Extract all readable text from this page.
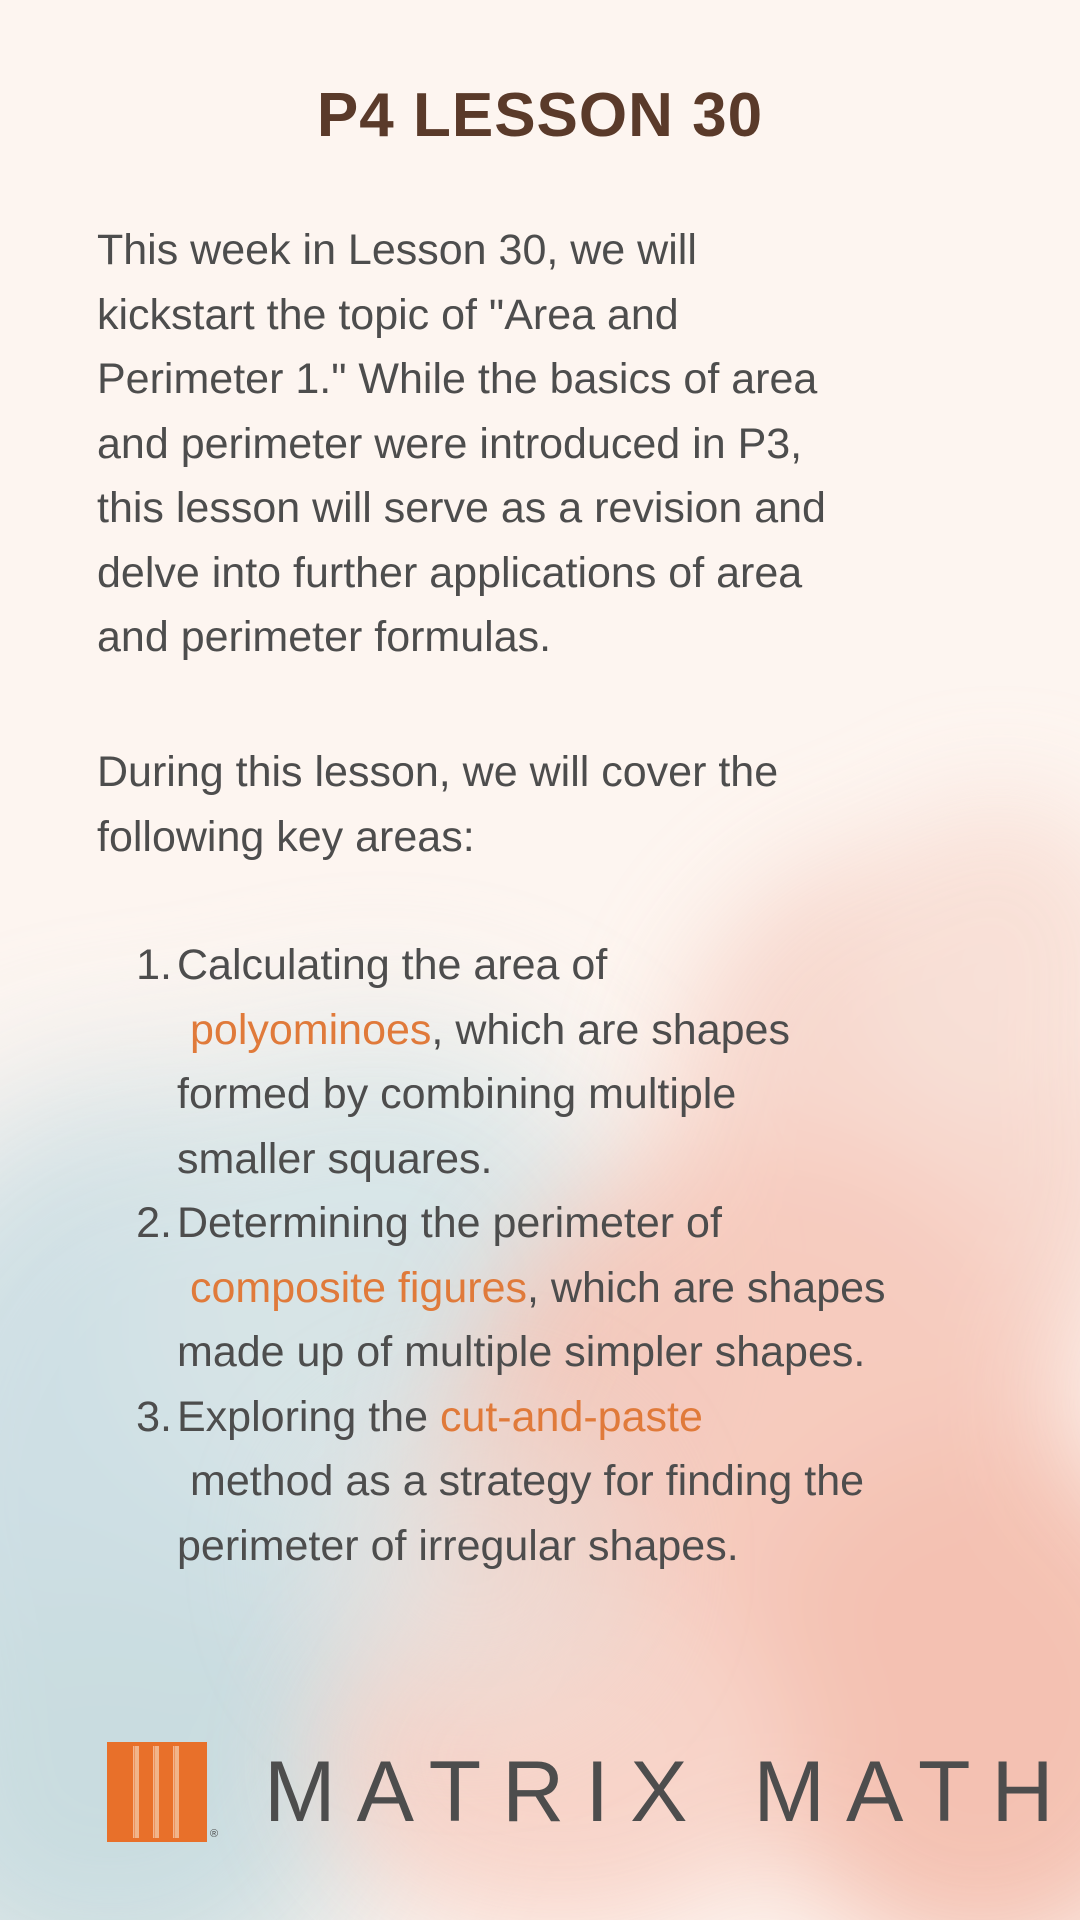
P4 LESSON 30
This week in Lesson 30, we will
kickstart the topic of "Area and
Perimeter 1." While the basics of area
and perimeter were introduced in P3,
this lesson will serve as a revision and
delve into further applications of area
and perimeter formulas.
During this lesson, we will cover the
following key areas:
1. Calculating the area of
polyominoes, which are shapes
formed by combining multiple
smaller squares.
2. Determining the perimeter of
composite figures, which are shapes
made up of multiple simpler shapes.
3. Exploring the cut-and-paste
method as a strategy for finding the
perimeter of irregular shapes.
® MATRIX MATH
